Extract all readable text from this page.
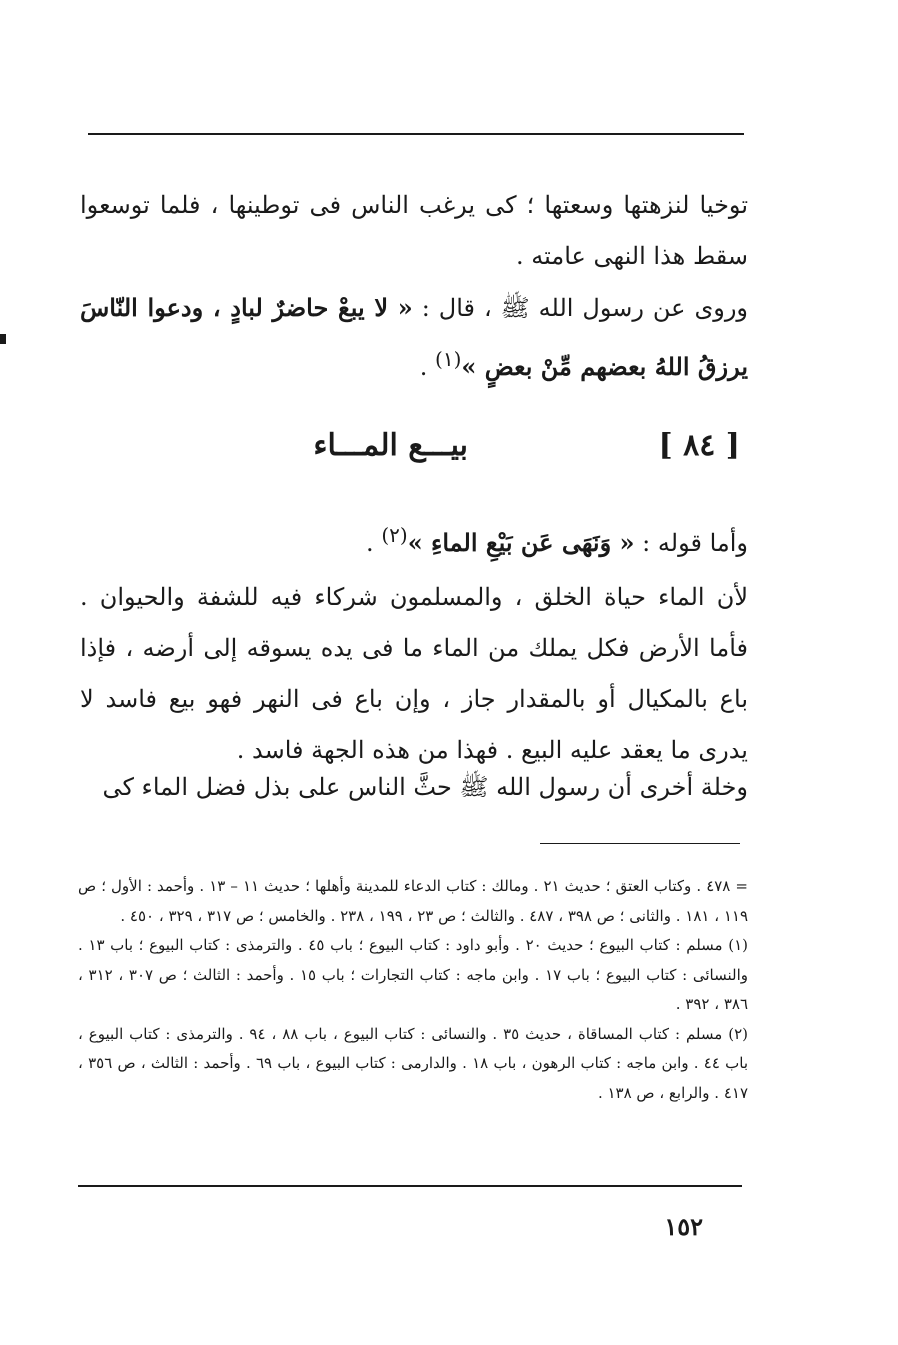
توخيا لنزهتها وسعتها ؛ كى يرغب الناس فى توطينها ، فلما توسعوا سقط هذا النهى عامته .

وروى عن رسول الله ﷺ ، قال : « لا يبعْ حاضرٌ لبادٍ ، ودعوا النّاسَ يرزقُ اللهُ بعضهم مِّنْ بعضٍ »$^{(١)}$ .

[ ٨٤ ]
بيـــع المـــاء

وأما قوله : « وَنَهَى عَن بَيْعِ الماءِ »$^{(٢)}$ .

لأن الماء حياة الخلق ، والمسلمون شركاء فيه للشفة والحيوان . فأما الأرض فكل يملك من الماء ما فى يده يسوقه إلى أرضه ، فإذا باع بالمكيال أو بالمقدار جاز ، وإن باع فى النهر فهو بيع فاسد لا يدرى ما يعقد عليه البيع . فهذا من هذه الجهة فاسد .

وخلة أخرى أن رسول الله ﷺ حثَّ الناس على بذل فضل الماء كى

= ٤٧٨ . وكتاب العتق ؛ حديث ٢١ . ومالك : كتاب الدعاء للمدينة وأهلها ؛ حديث ١١ – ١٣ . وأحمد : الأول ؛ ص ١١٩ ، ١٨١ . والثانى ؛ ص ٣٩٨ ، ٤٨٧ . والثالث ؛ ص ٢٣ ، ١٩٩ ، ٢٣٨ . والخامس ؛ ص ٣١٧ ، ٣٢٩ ، ٤٥٠ .

(١) مسلم : كتاب البيوع ؛ حديث ٢٠ . وأبو داود : كتاب البيوع ؛ باب ٤٥ . والترمذى : كتاب البيوع ؛ باب ١٣ . والنسائى : كتاب البيوع ؛ باب ١٧ . وابن ماجه : كتاب التجارات ؛ باب ١٥ . وأحمد : الثالث ؛ ص ٣٠٧ ، ٣١٢ ، ٣٨٦ ، ٣٩٢ .

(٢) مسلم : كتاب المساقاة ، حديث ٣٥ . والنسائى : كتاب البيوع ، باب ٨٨ ، ٩٤ . والترمذى : كتاب البيوع ، باب ٤٤ . وابن ماجه : كتاب الرهون ، باب ١٨ . والدارمى : كتاب البيوع ، باب ٦٩ . وأحمد : الثالث ، ص ٣٥٦ ، ٤١٧ . والرابع ، ص ١٣٨ .

١٥٢
